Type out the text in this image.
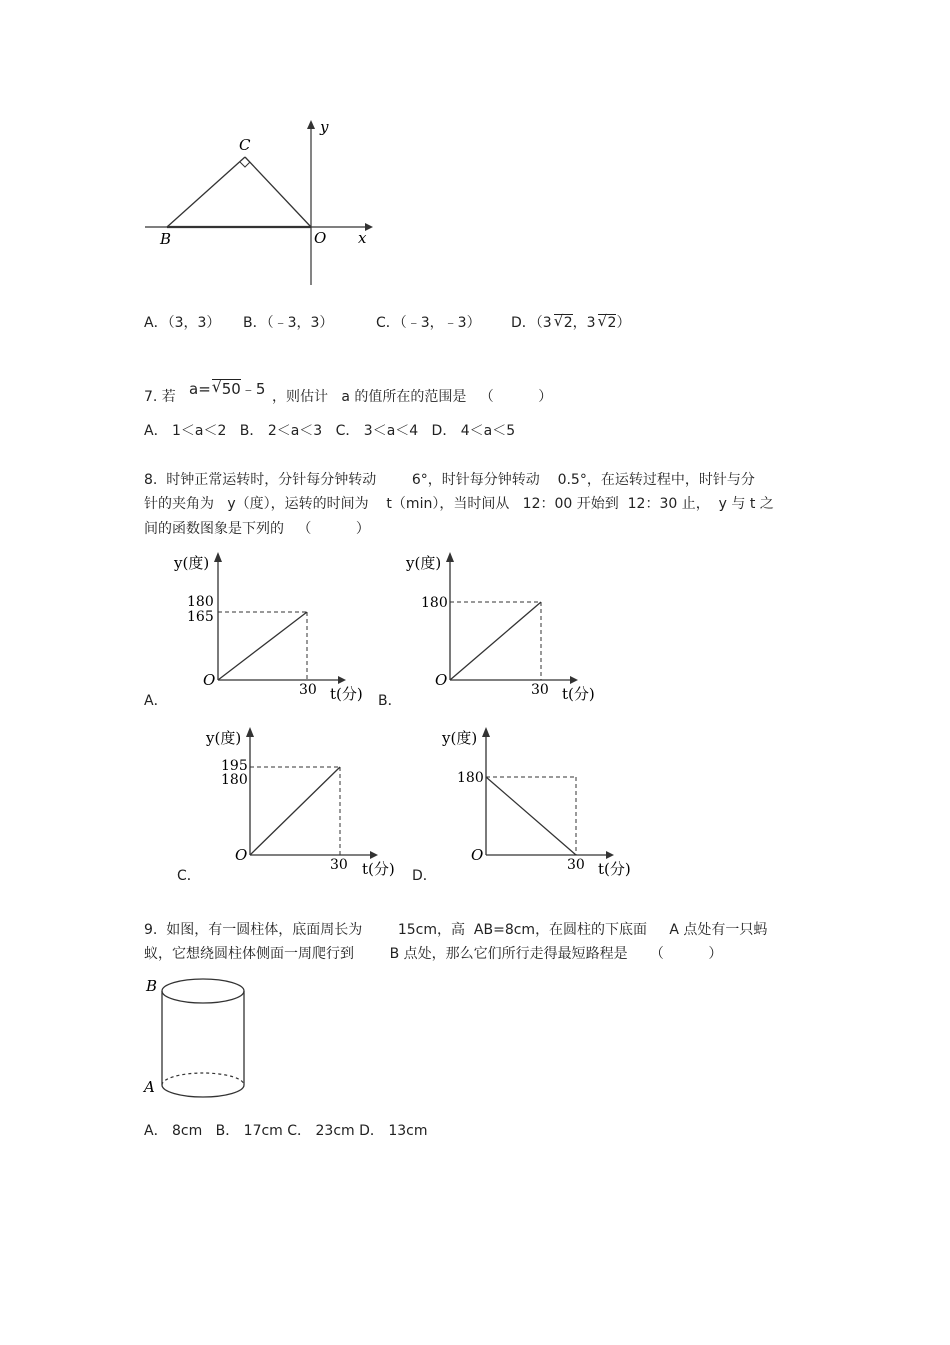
C
y
B	O x
A．（3，3） B．（﹣3，3）	C．（﹣3，﹣3） D．（3 √ 2，3 √ 2）
7. 若 a= √ 50﹣5 ，则估计   a 的值所在的范围是   （          ）
A． 1＜a＜2   B． 2＜a＜3   C． 3＜a＜4   D． 4＜a＜5
8.  时钟正常运转时，分针每分钟转动        6°，时针每分钟转动    0.5°，在运转过程中，时针与分
针的夹角为   y（度），运转的时间为    t（min），当时间从   12：00 开始到  12：30 止，  y 与 t 之
间的函数图象是下列的   （          ）
y(度)
180
165
O
30 t(分)
A．
y(度)
180
O
30 t(分)
B．
y(度)
195
180
O
30 t(分)
C．
y(度)
180
O
30 t(分)
D．
9.  如图，有一圆柱体，底面周长为        15cm，高  AB=8cm，在圆柱的下底面     A 点处有一只蚂
蚁，它想绕圆柱体侧面一周爬行到        B 点处，那么它们所行走得最短路程是     （          ）
B
A
A． 8cm   B． 17cm C． 23cm D． 13cm
